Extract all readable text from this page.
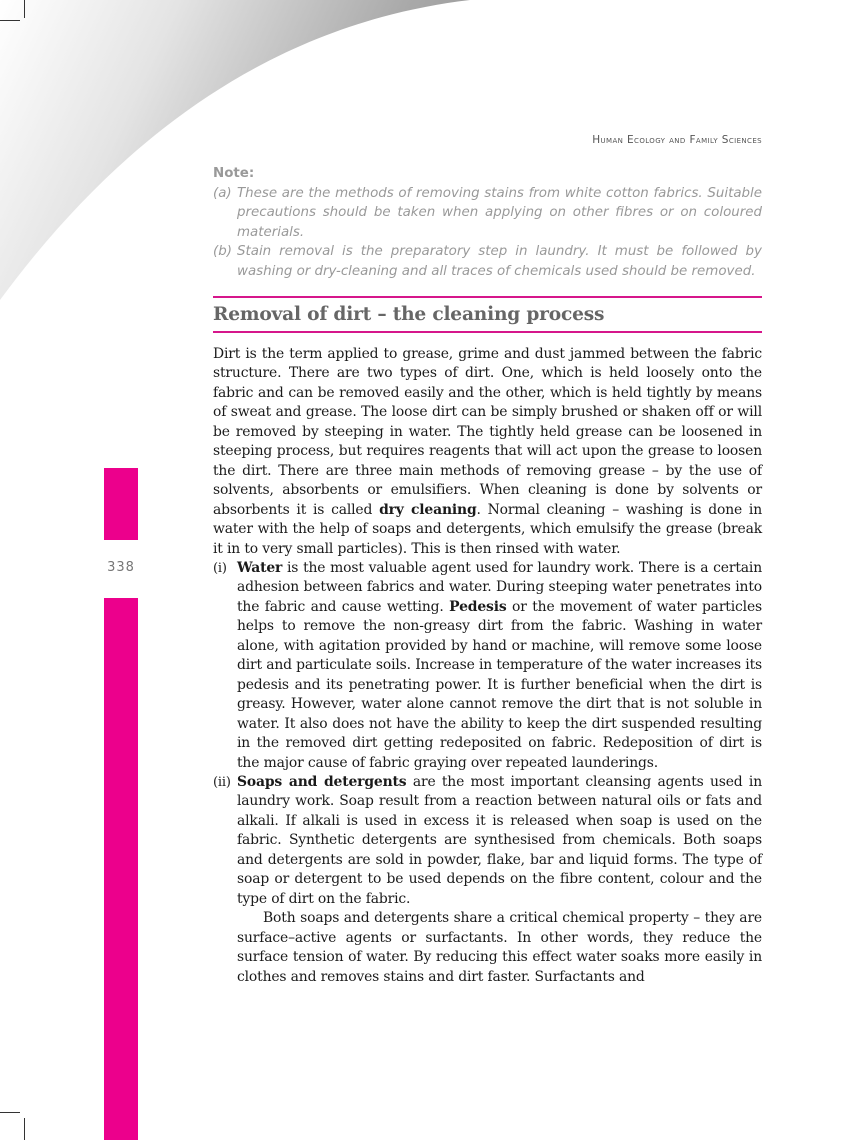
338
Human Ecology and Family Sciences
Note:
(a) These are the methods of removing stains from white cotton fabrics. Suitable precautions should be taken when applying on other fibres or on coloured materials.
(b) Stain removal is the preparatory step in laundry. It must be followed by washing or dry-cleaning and all traces of chemicals used should be removed.
Removal of dirt – the cleaning process

Dirt is the term applied to grease, grime and dust jammed between the fabric structure. There are two types of dirt. One, which is held loosely onto the fabric and can be removed easily and the other, which is held tightly by means of sweat and grease. The loose dirt can be simply brushed or shaken off or will be removed by steeping in water. The tightly held grease can be loosened in steeping process, but requires reagents that will act upon the grease to loosen the dirt. There are three main methods of removing grease – by the use of solvents, absorbents or emulsifiers. When cleaning is done by solvents or absorbents it is called dry cleaning. Normal cleaning – washing is done in water with the help of soaps and detergents, which emulsify the grease (break it in to very small particles). This is then rinsed with water.

(i) Water is the most valuable agent used for laundry work. There is a certain adhesion between fabrics and water. During steeping water penetrates into the fabric and cause wetting. Pedesis or the movement of water particles helps to remove the non-greasy dirt from the fabric. Washing in water alone, with agitation provided by hand or machine, will remove some loose dirt and particulate soils. Increase in temperature of the water increases its pedesis and its penetrating power. It is further beneficial when the dirt is greasy. However, water alone cannot remove the dirt that is not soluble in water. It also does not have the ability to keep the dirt suspended resulting in the removed dirt getting redeposited on fabric. Redeposition of dirt is the major cause of fabric graying over repeated launderings.
(ii) Soaps and detergents are the most important cleansing agents used in laundry work. Soap result from a reaction between natural oils or fats and alkali. If alkali is used in excess it is released when soap is used on the fabric. Synthetic detergents are synthesised from chemicals. Both soaps and detergents are sold in powder, flake, bar and liquid forms. The type of soap or detergent to be used depends on the fibre content, colour and the type of dirt on the fabric.

Both soaps and detergents share a critical chemical property – they are surface–active agents or surfactants. In other words, they reduce the surface tension of water. By reducing this effect water soaks more easily in clothes and removes stains and dirt faster. Surfactants and
